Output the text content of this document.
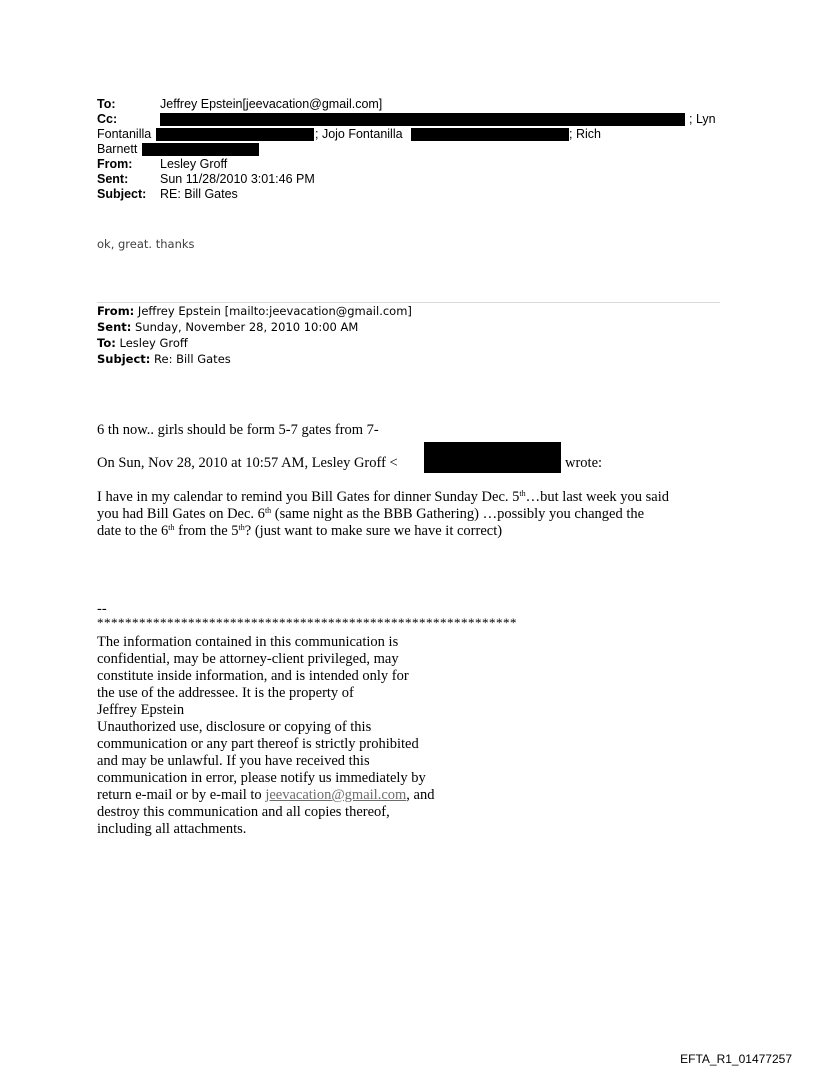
To:	Jeffrey Epstein[jeevacation@gmail.com]
Cc:	; Lyn
Fontanilla	; Jojo Fontanilla	; Rich
Barnett
From: Lesley Groff
Sent:	Sun 11/28/2010 3:01:46 PM
Subject: RE: Bill Gates
ok, great. thanks
From: Jeffrey Epstein [mailto:jeevacation@gmail.com]
Sent: Sunday, November 28, 2010 10:00 AM
To: Lesley Groff
Subject: Re: Bill Gates
6 th now.. girls should be form 5-7 gates from 7-
On Sun, Nov 28, 2010 at 10:57 AM, Lesley Groff <	wrote:
I have in my calendar to remind you Bill Gates for dinner Sunday Dec. 5th…but last week you said
you had Bill Gates on Dec. 6th (same night as the BBB Gathering) …possibly you changed the
date to the 6th from the 5th? (just want to make sure we have it correct)
--
************************************************************
The information contained in this communication is
confidential, may be attorney-client privileged, may
constitute inside information, and is intended only for
the use of the addressee. It is the property of
Jeffrey Epstein
Unauthorized use, disclosure or copying of this
communication or any part thereof is strictly prohibited
and may be unlawful. If you have received this
communication in error, please notify us immediately by
return e-mail or by e-mail to jeevacation@gmail.com, and
destroy this communication and all copies thereof,
including all attachments.
EFTA_R1_01477257
